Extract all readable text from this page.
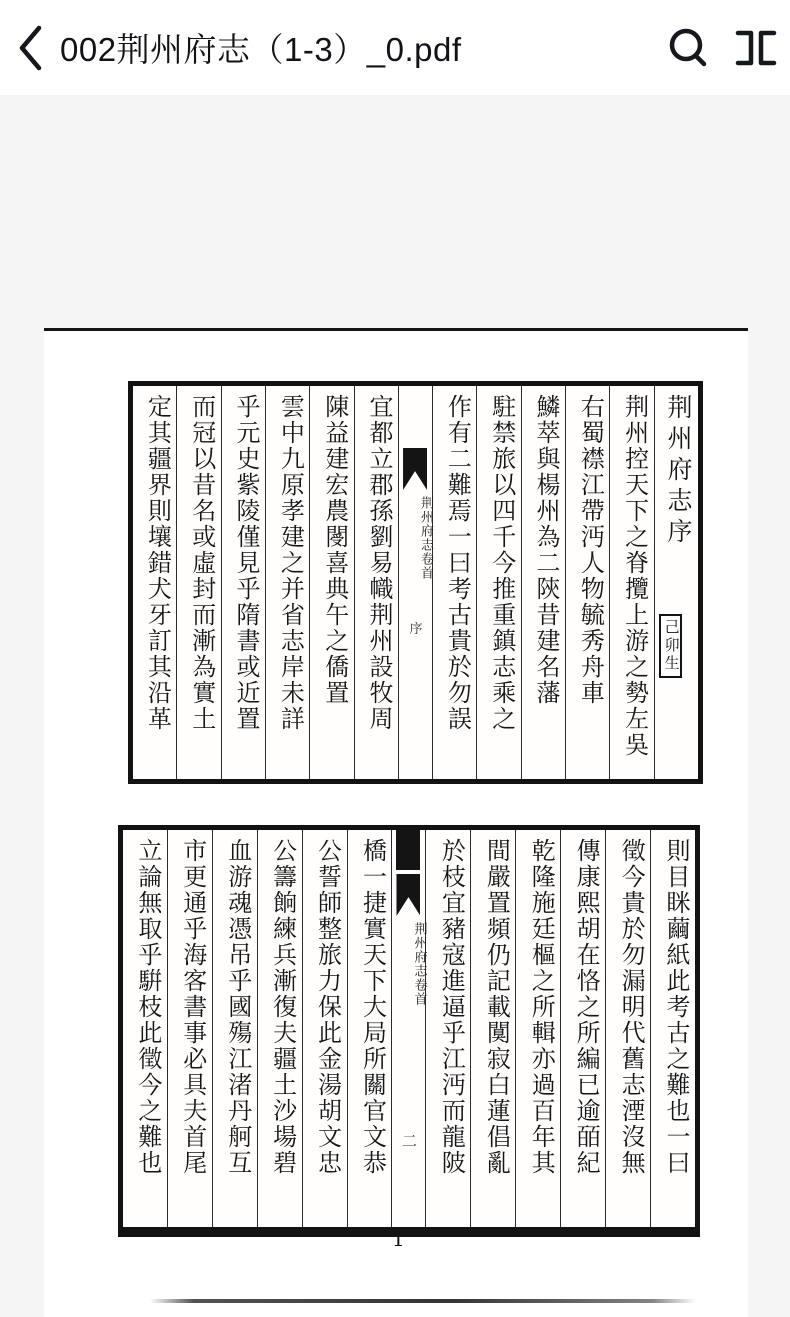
002荆州府志（1-3）_0.pdf
荆州府志序
己卯生
荆州控天下之脊攬上游之勢左吳
右蜀襟江帶沔人物毓秀舟車
鱗萃與楊州為二陝昔建名藩
駐禁旅以四千今推重鎮志乘之
作有二難焉一曰考古貴於勿誤
荆州府志卷首
序
宜都立郡孫劉易幟荆州設牧周
陳益建宏農閿喜典午之僑置
雲中九原孝建之并省志岸未詳
乎元史紫陵僅見乎隋書或近置
而冠以昔名或虛封而漸為實土
定其疆界則壤錯犬牙訂其沿革
則目眯繭紙此考古之難也一曰
徵今貴於勿漏明代舊志湮沒無
傳康熙胡在恪之所編已逾皕紀
乾隆施廷樞之所輯亦過百年其
間嚴置頻仍記載闃寂白蓮倡亂
於枝宜豬寇進逼乎江沔而龍陂
荆州府志卷首
二
橋一捷實天下大局所關官文恭
公誓師整旅力保此金湯胡文忠
公籌餉練兵漸復夫疆土沙場碧
血游魂憑吊乎國殤江渚丹舸互
市更通乎海客書事必具夫首尾
立論無取乎騈枝此徵今之難也
1
